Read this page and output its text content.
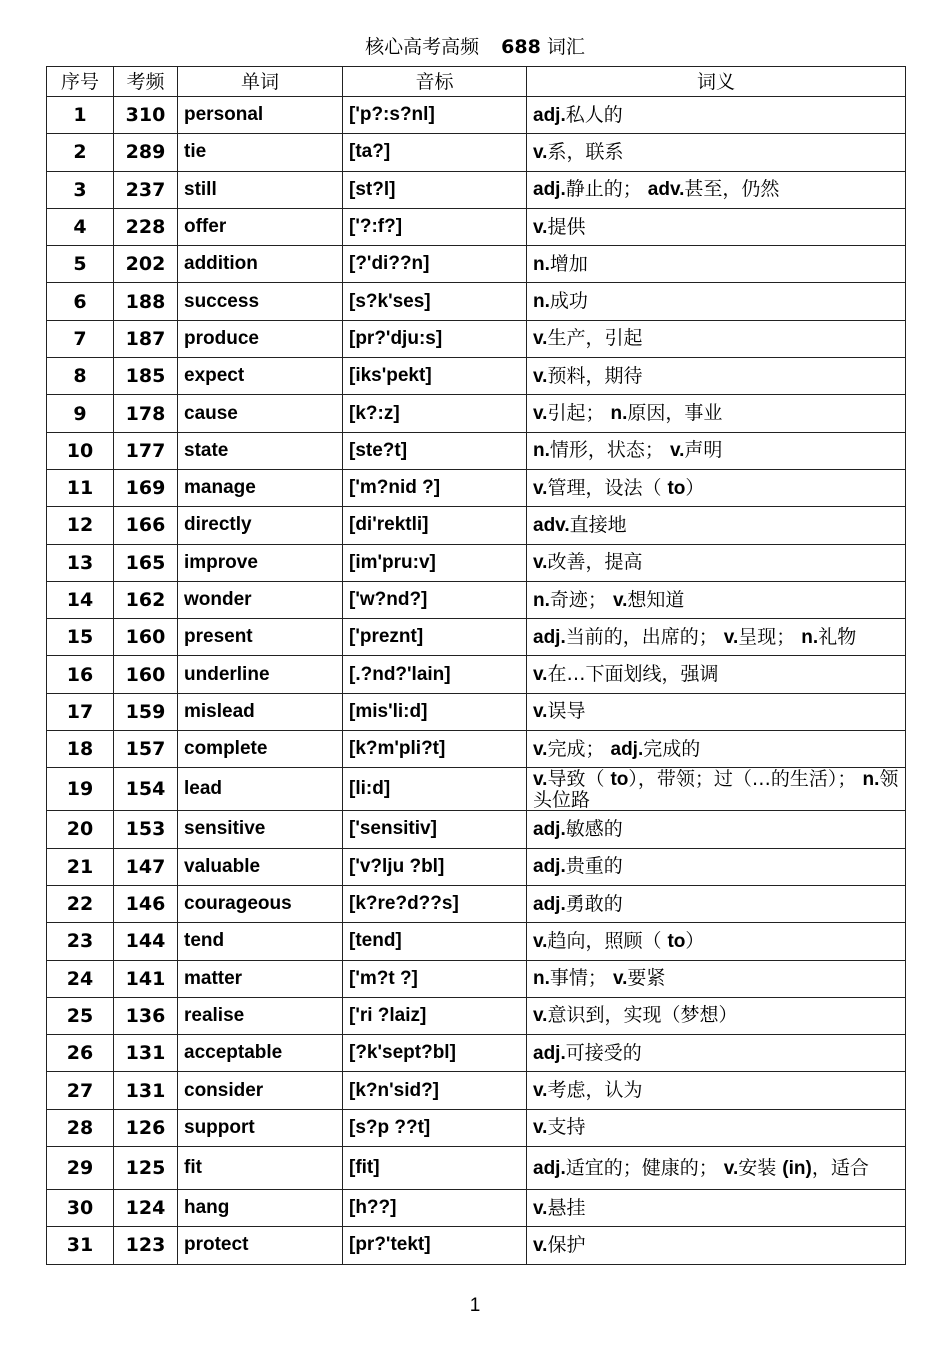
核心高考高频 688 词汇
序号	考频	单词	音标	词义
1	310	personal	['p?:s?nl]	adj.私人的
2	289	tie	[ta?]	v.系，联系
3	237	still	[st?l]	adj.静止的； adv.甚至，仍然
4	228	offer	['?:f?]	v.提供
5	202	addition	[?'di??n]	n.增加
6	188	success	[s?k'ses]	n.成功
7	187	produce	[pr?'dju:s]	v.生产，引起
8	185	expect	[iks'pekt]	v.预料，期待
9	178	cause	[k?:z]	v.引起； n.原因，事业
10	177	state	[ste?t]	n.情形，状态； v.声明
11	169	manage	['m?nid ?]	v.管理，设法（ to）
12	166	directly	[di'rektli]	adv.直接地
13	165	improve	[im'pru:v]	v.改善，提高
14	162	wonder	['w?nd?]	n.奇迹； v.想知道
15	160	present	['preznt]	adj.当前的，出席的； v.呈现； n.礼物
16	160	underline	[.?nd?'lain]	v.在…下面划线，强调
17	159	mislead	[mis'li:d]	v.误导
18	157	complete	[k?m'pli?t]	v.完成； adj.完成的
19	154	lead	[li:d]	v.导致（ to），带领；过（…的生活）； n.领头位路
20	153	sensitive	['sensitiv]	adj.敏感的
21	147	valuable	['v?lju ?bl]	adj.贵重的
22	146	courageous	[k?re?d??s]	adj.勇敢的
23	144	tend	[tend]	v.趋向，照顾（ to）
24	141	matter	['m?t ?]	n.事情； v.要紧
25	136	realise	['ri ?laiz]	v.意识到，实现（梦想）
26	131	acceptable	[?k'sept?bl]	adj.可接受的
27	131	consider	[k?n'sid?]	v.考虑，认为
28	126	support	[s?p ??t]	v.支持
29	125	fit	[fit]	adj.适宜的；健康的； v.安装 (in)，适合
30	124	hang	[h??]	v.悬挂
31	123	protect	[pr?'tekt]	v.保护
1
